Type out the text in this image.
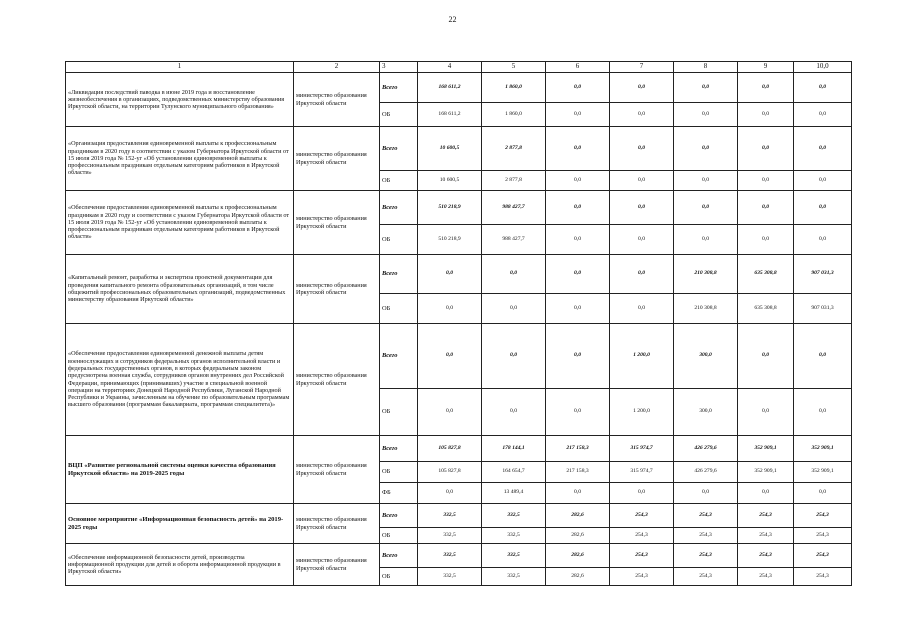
22
1	2	3	4	5	6	7	8	9	10,0
«Ликвидация последствий паводка в июне 2019 года и восстановление жизнеобеспечения в организациях, подведомственных министерству образования Иркутской области, на территории Тулунского муниципального образования»	министерство образования Иркутской области	Всего	168 611,2	1 860,0	0,0	0,0	0,0	0,0	0,0
		ОБ	168 611,2	1 860,0	0,0	0,0	0,0	0,0	0,0
«Организация предоставления единовременной выплаты к профессиональным праздникам в 2020 году в соответствии с указом Губернатора Иркутской области от 15 июля 2019 года № 152-уг «Об установлении единовременной выплаты к профессиональным праздникам отдельным категориям работников в Иркутской области»	министерство образования Иркутской области	Всего	10 600,5	2 877,8	0,0	0,0	0,0	0,0	0,0
		ОБ	10 600,5	2 877,8	0,0	0,0	0,0	0,0	0,0
«Обеспечение предоставления единовременной выплаты к профессиональным праздникам в 2020 году и соответствии с указом Губернатора Иркутской области от 15 июля 2019 года № 152-уг «Об установлении единовременной выплаты к профессиональным праздникам отдельным категориям работников в Иркутской области»	министерство образования Иркутской области	Всего	510 218,9	988 427,7	0,0	0,0	0,0	0,0	0,0
		ОБ	510 218,9	988 427,7	0,0	0,0	0,0	0,0	0,0
«Капитальный ремонт, разработка и экспертиза проектной документации для проведения капитального ремонта образовательных организаций, в том числе общежитий профессиональных образовательных организаций, подведомственных министерству образования Иркутской области»	министерство образования Иркутской области	Всего	0,0	0,0	0,0	0,0	210 308,8	635 308,8	907 031,3
		ОБ	0,0	0,0	0,0	0,0	210 308,8	635 308,8	907 031,3
«Обеспечение предоставления единовременной денежной выплаты детям военнослужащих и сотрудников федеральных органов исполнительной власти и федеральных государственных органов, в которых федеральным законом предусмотрена военная служба, сотрудников органов внутренних дел Российской Федерации, принимающих (принимавших) участие в специальной военной операции на территориях Донецкой Народной Республики, Луганской Народной Республики и Украины, зачисленным на обучение по образовательным программам высшего образования (программам бакалавриата, программам специалитета)»	министерство образования Иркутской области	Всего	0,0	0,0	0,0	1 200,0	300,0	0,0	0,0
		ОБ	0,0	0,0	0,0	1 200,0	300,0	0,0	0,0
ВЦП «Развитие региональной системы оценки качества образования Иркутской области» на 2019-2025 годы	министерство образования Иркутской области	Всего	105 827,8	178 144,1	217 158,3	315 974,7	426 279,6	352 909,1	352 909,1
		ОБ	105 827,8	164 654,7	217 158,3	315 974,7	426 279,6	352 909,1	352 909,1
		ФБ	0,0	13 489,4	0,0	0,0	0,0	0,0	0,0
Основное мероприятие «Информационная безопасность детей» на 2019-2025 годы	министерство образования Иркутской области	Всего	332,5	332,5	282,6	254,3	254,3	254,3	254,3
		ОБ	332,5	332,5	282,6	254,3	254,3	254,3	254,3
«Обеспечение информационной безопасности детей, производства информационной продукции для детей и оборота информационной продукции в Иркутской области»	министерство образования Иркутской области	Всего	332,5	332,5	282,6	254,3	254,3	254,3	254,3
		ОБ	332,5	332,5	282,6	254,3	254,3	254,3	254,3
